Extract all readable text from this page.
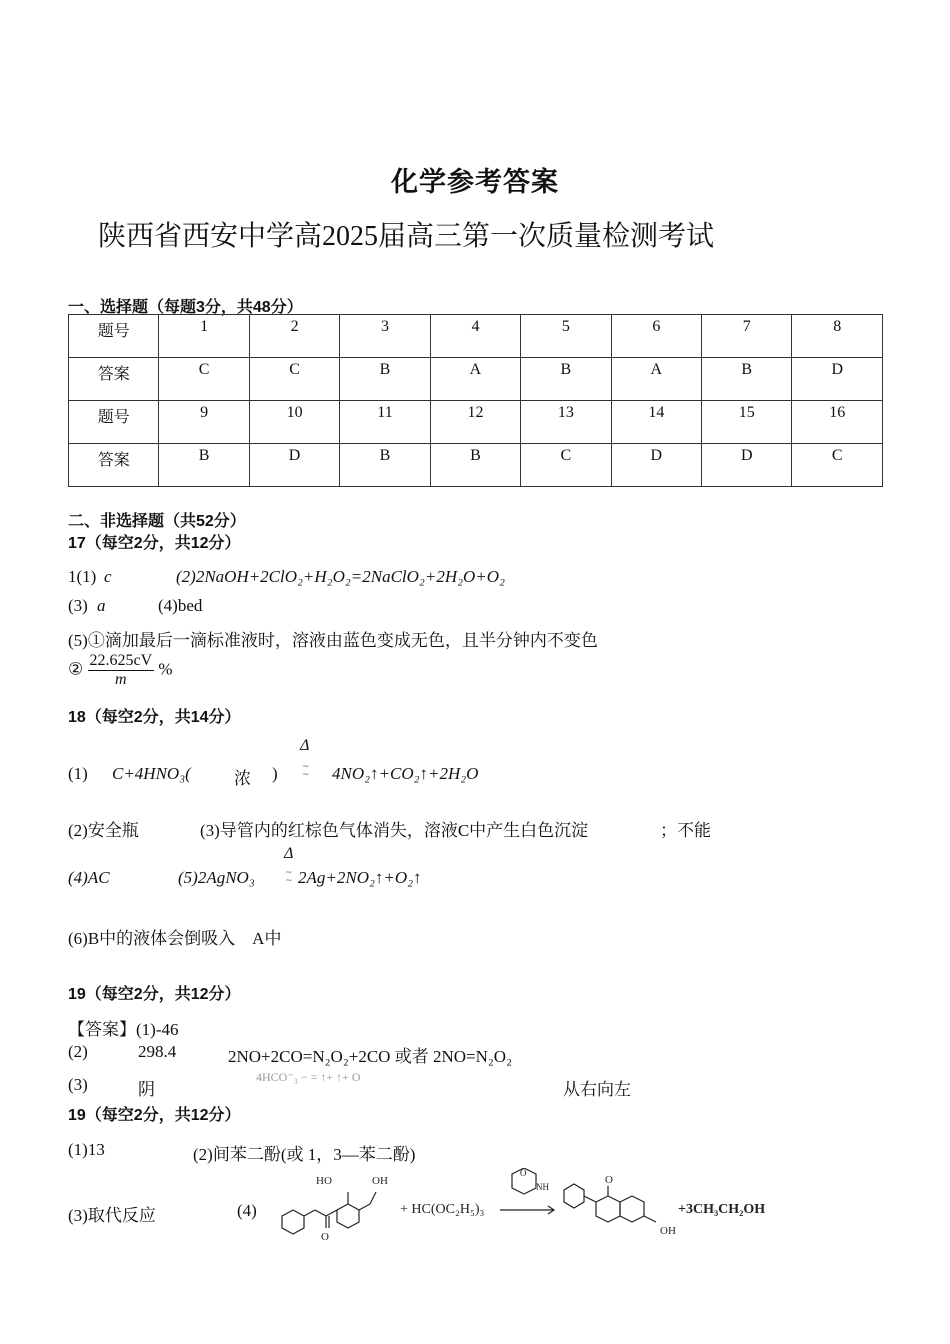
化学参考答案
陕西省西安中学高2025届高三第一次质量检测考试
一、选择题（每题3分，共48分）
题号	1	2	3	4	5	6	7	8
答案	C	C	B	A	B	A	B	D
题号	9	10	11	12	13	14	15	16
答案	B	D	B	B	C	D	D	C
二、非选择题（共52分）
17（每空2分，共12分）
1(1) c	(2)2NaOH+2ClO₂+H₂O₂=2NaClO₂+2H₂O+O₂
(3) a	(4)bed
(5)①滴加最后一滴标准液时，溶液由蓝色变成无色，且半分钟内不变色
② $\frac{22.625cV}{m}$ %
18（每空2分，共14分）
(1) C+4HNO₃(	浓 )
Δ
~
~ 4NO₂↑+CO₂↑+2H₂O
(2)安全瓶	(3)导管内的红棕色气体消失，溶液C中产生白色沉淀	；不能
(4)AC	(5)2AgNO₃
Δ
~
~ 2Ag+2NO₂↑+O₂↑
(6)B中的液体会倒吸入　A中
19（每空2分，共12分）
【答案】(1)-46
(2)	298.4	2NO+2CO=N₂O₂+2CO 或者 2NO=N₂O₂
(3)	阴
4HCO⁻₃ − = ↑+ ↑+ O
从右向左
19（每空2分，共12分）
(1)13	(2)间苯二酚(或 1，3—苯二酚)
(3)取代反应	(4)
O
HO	OH
+ HC(OC₂H₅)₃
O
NH
O
OH
+3CH₃CH₂OH
